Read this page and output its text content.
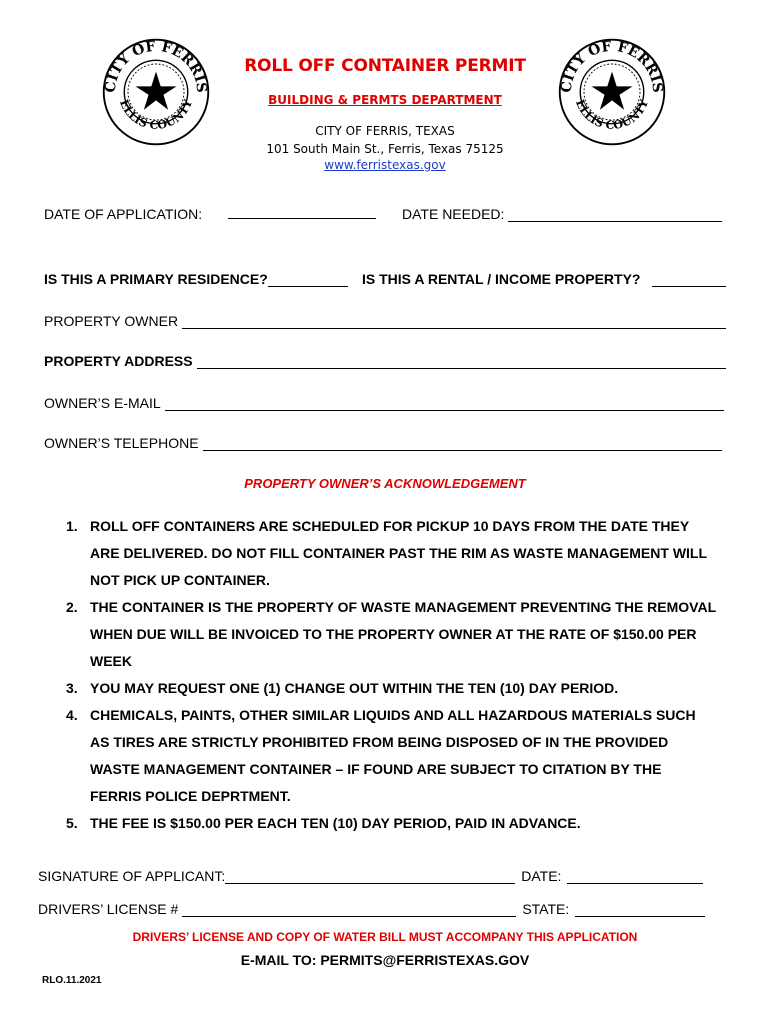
CITY OF FERRIS
ELLIS COUNTY
CITY OF FERRIS
ELLIS COUNTY
ROLL OFF CONTAINER PERMIT
BUILDING & PERMTS DEPARTMENT
CITY OF FERRIS, TEXAS
101 South Main St., Ferris, Texas 75125
www.ferristexas.gov
DATE OF APPLICATION:	DATE NEEDED:
IS THIS A PRIMARY RESIDENCE?	IS THIS A RENTAL / INCOME PROPERTY?
PROPERTY OWNER
PROPERTY ADDRESS
OWNER’S E-MAIL
OWNER’S TELEPHONE
PROPERTY OWNER’S ACKNOWLEDGEMENT
1. ROLL OFF CONTAINERS ARE SCHEDULED FOR PICKUP 10 DAYS FROM THE DATE THEY ARE DELIVERED. DO NOT FILL CONTAINER PAST THE RIM AS WASTE MANAGEMENT WILL NOT PICK UP CONTAINER.
2. THE CONTAINER IS THE PROPERTY OF WASTE MANAGEMENT PREVENTING THE REMOVAL WHEN DUE WILL BE INVOICED TO THE PROPERTY OWNER AT THE RATE OF $150.00 PER WEEK
3. YOU MAY REQUEST ONE (1) CHANGE OUT WITHIN THE TEN (10) DAY PERIOD.
4. CHEMICALS, PAINTS, OTHER SIMILAR LIQUIDS AND ALL HAZARDOUS MATERIALS SUCH AS TIRES ARE STRICTLY PROHIBITED FROM BEING DISPOSED OF IN THE PROVIDED WASTE MANAGEMENT CONTAINER – IF FOUND ARE SUBJECT TO CITATION BY THE FERRIS POLICE DEPRTMENT.
5. THE FEE IS $150.00 PER EACH TEN (10) DAY PERIOD, PAID IN ADVANCE.
SIGNATURE OF APPLICANT:	DATE:
DRIVERS’ LICENSE #	STATE:
DRIVERS’ LICENSE AND COPY OF WATER BILL MUST ACCOMPANY THIS APPLICATION
E-MAIL TO: PERMITS@FERRISTEXAS.GOV
RLO.11.2021
